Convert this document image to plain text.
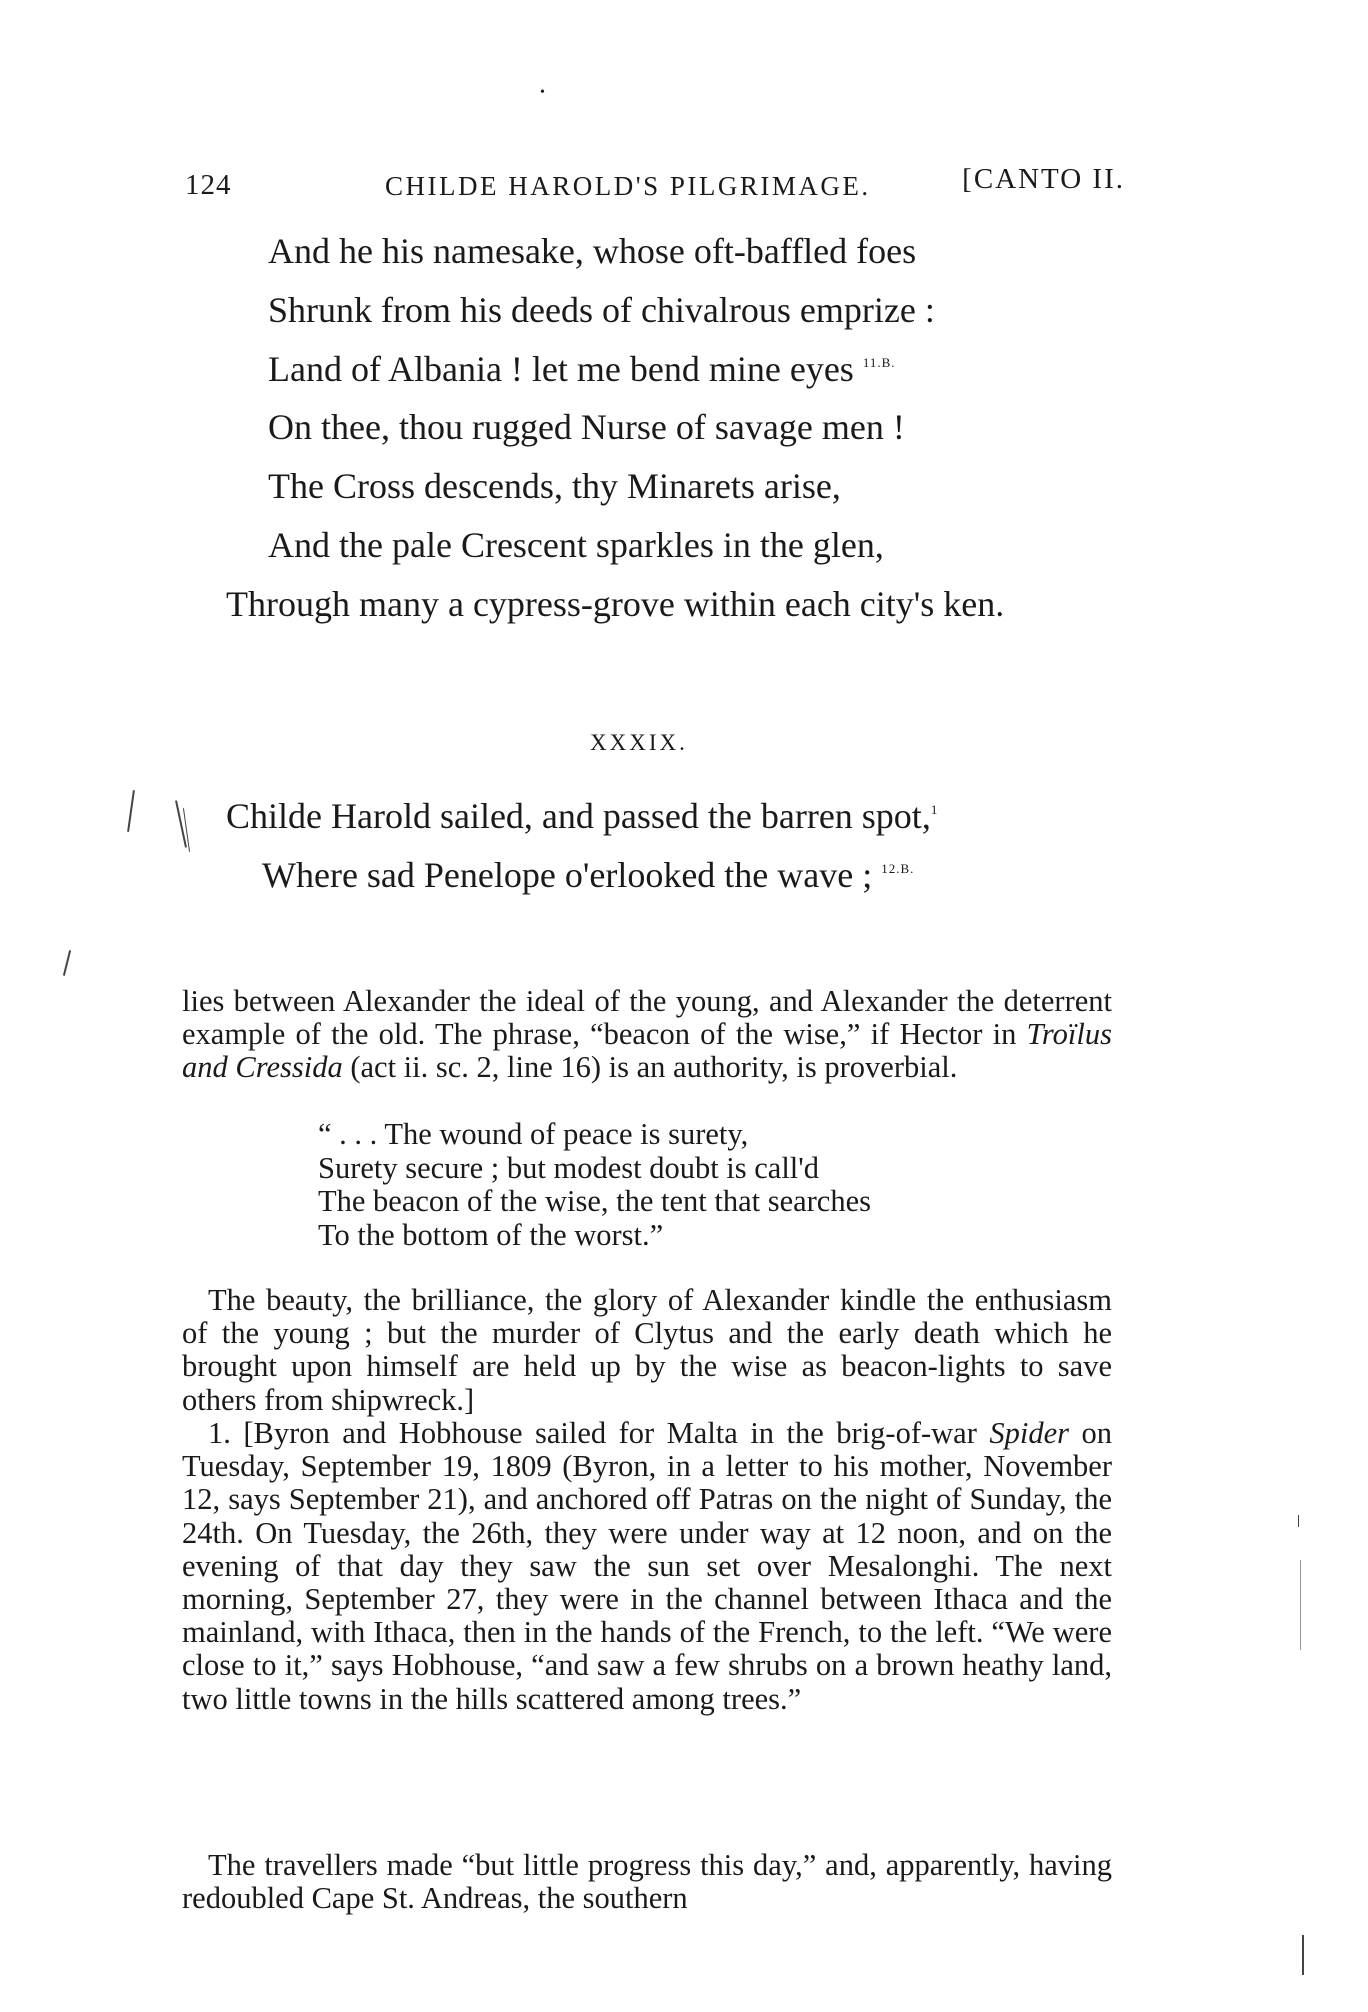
•
124	CHILDE HAROLD'S PILGRIMAGE.	[CANTO II.
And he his namesake, whose oft-baffled foes
Shrunk from his deeds of chivalrous emprize :
Land of Albania ! let me bend mine eyes $^{11.B.}$
On thee, thou rugged Nurse of savage men !
The Cross descends, thy Minarets arise,
And the pale Crescent sparkles in the glen,
Through many a cypress-grove within each city's ken.
XXXIX.
Childe Harold sailed, and passed the barren spot,$^1$
Where sad Penelope o'erlooked the wave ; $^{12.B.}$

lies between Alexander the ideal of the young, and Alexander the deterrent example of the old. The phrase, “beacon of the wise,” if Hector in Troïlus and Cressida (act ii. sc. 2, line 16) is an authority, is proverbial.

“ . . . The wound of peace is surety,
Surety secure ; but modest doubt is call'd
The beacon of the wise, the tent that searches
To the bottom of the worst.”

The beauty, the brilliance, the glory of Alexander kindle the enthusiasm of the young ; but the murder of Clytus and the early death which he brought upon himself are held up by the wise as beacon-lights to save others from shipwreck.]

1. [Byron and Hobhouse sailed for Malta in the brig-of-war Spider on Tuesday, September 19, 1809 (Byron, in a letter to his mother, November 12, says September 21), and anchored off Patras on the night of Sunday, the 24th. On Tuesday, the 26th, they were under way at 12 noon, and on the evening of that day they saw the sun set over Mesalonghi. The next morning, September 27, they were in the channel between Ithaca and the mainland, with Ithaca, then in the hands of the French, to the left. “We were close to it,” says Hobhouse, “and saw a few shrubs on a brown heathy land, two little towns in the hills scattered among trees.”

The travellers made “but little progress this day,” and, apparently, having redoubled Cape St. Andreas, the southern
